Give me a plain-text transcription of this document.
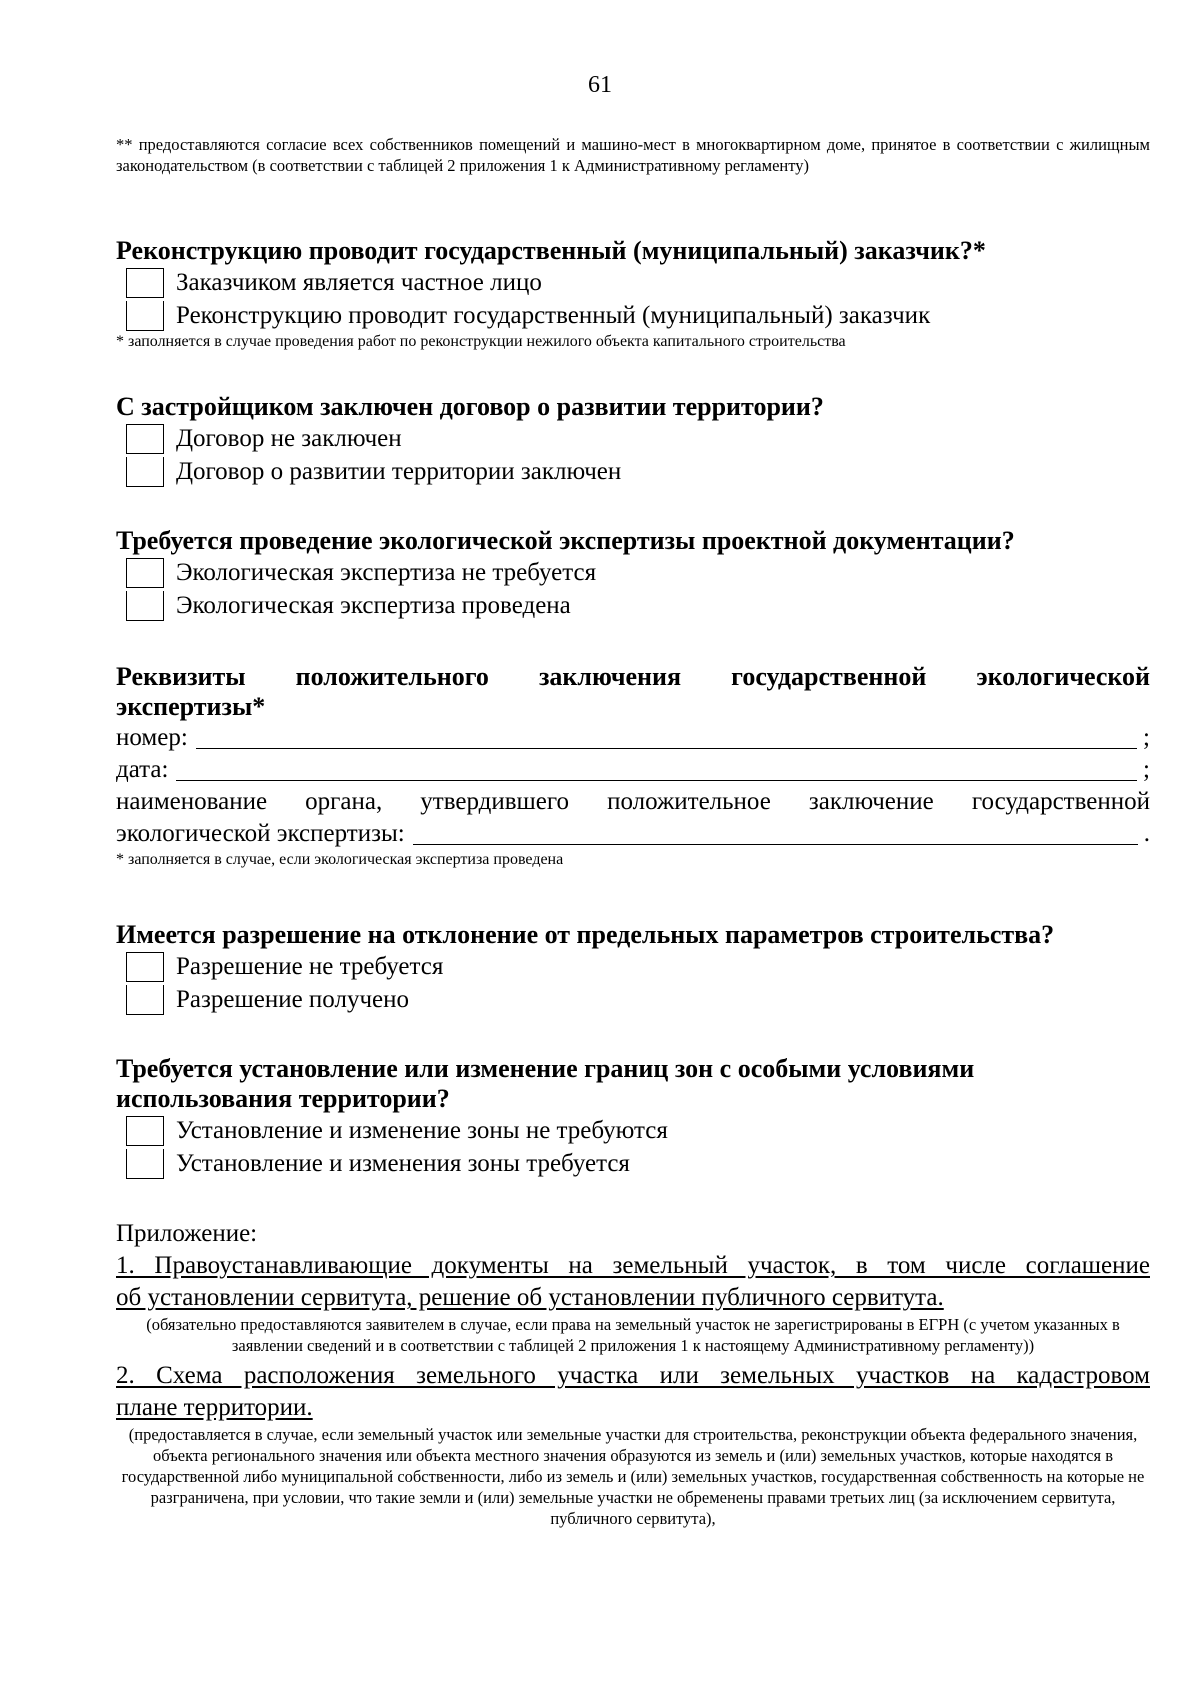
61
** предоставляются согласие всех собственников помещений и машино-мест в многоквартирном доме, принятое в соответствии с жилищным законодательством (в соответствии с таблицей 2 приложения 1 к Административному регламенту)
Реконструкцию проводит государственный (муниципальный) заказчик?*
Заказчиком является частное лицо
Реконструкцию проводит государственный (муниципальный) заказчик
* заполняется в случае проведения работ по реконструкции нежилого объекта капитального строительства
С застройщиком заключен договор о развитии территории?
Договор не заключен
Договор о развитии территории заключен
Требуется проведение экологической экспертизы проектной документации?
Экологическая экспертиза не требуется
Экологическая экспертиза проведена
Реквизиты положительного заключения государственной экологической
экспертизы*
номер:	;
дата:	;
наименование органа, утвердившего положительное заключение государственной
экологической экспертизы:	.
* заполняется в случае, если экологическая экспертиза проведена
Имеется разрешение на отклонение от предельных параметров строительства?
Разрешение не требуется
Разрешение получено
Требуется установление или изменение границ зон с особыми условиями
использования территории?
Установление и изменение зоны не требуются
Установление и изменения зоны требуется
Приложение:
1. Правоустанавливающие документы на земельный участок, в том числе соглашение
об установлении сервитута, решение об установлении публичного сервитута.
(обязательно предоставляются заявителем в случае, если права на земельный участок не зарегистрированы в ЕГРН (с учетом указанных в заявлении сведений и в соответствии с таблицей 2 приложения 1 к настоящему Административному регламенту))
2. Схема расположения земельного участка или земельных участков на кадастровом
плане территории.
(предоставляется в случае, если земельный участок или земельные участки для строительства, реконструкции объекта федерального значения, объекта регионального значения или объекта местного значения образуются из земель и (или) земельных участков, которые находятся в государственной либо муниципальной собственности, либо из земель и (или) земельных участков, государственная собственность на которые не разграничена, при условии, что такие земли и (или) земельные участки не обременены правами третьих лиц (за исключением сервитута, публичного сервитута),
